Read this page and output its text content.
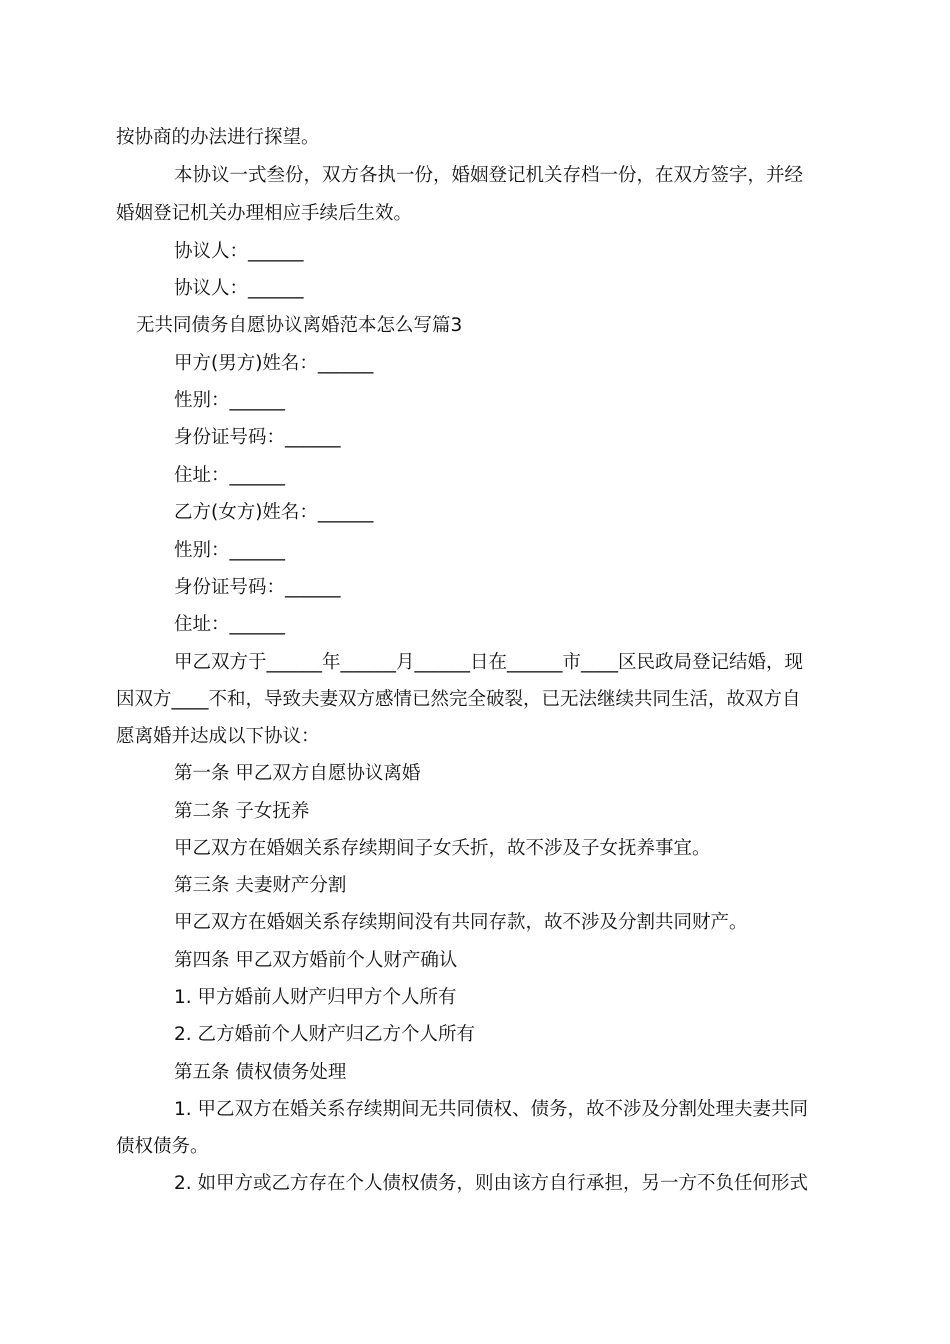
按协商的办法进行探望。
本协议一式叁份，双方各执一份，婚姻登记机关存档一份，在双方签字，并经
婚姻登记机关办理相应手续后生效。
协议人：______
协议人：______
无共同债务自愿协议离婚范本怎么写篇3
甲方(男方)姓名：______
性别：______
身份证号码：______
住址：______
乙方(女方)姓名：______
性别：______
身份证号码：______
住址：______
甲乙双方于______年______月______日在______市____区民政局登记结婚，现
因双方____不和，导致夫妻双方感情已然完全破裂，已无法继续共同生活，故双方自
愿离婚并达成以下协议：
第一条 甲乙双方自愿协议离婚
第二条 子女抚养
甲乙双方在婚姻关系存续期间子女夭折，故不涉及子女抚养事宜。
第三条 夫妻财产分割
甲乙双方在婚姻关系存续期间没有共同存款，故不涉及分割共同财产。
第四条 甲乙双方婚前个人财产确认
1. 甲方婚前人财产归甲方个人所有
2. 乙方婚前个人财产归乙方个人所有
第五条 债权债务处理
1. 甲乙双方在婚关系存续期间无共同债权、债务，故不涉及分割处理夫妻共同
债权债务。
2. 如甲方或乙方存在个人债权债务，则由该方自行承担，另一方不负任何形式
